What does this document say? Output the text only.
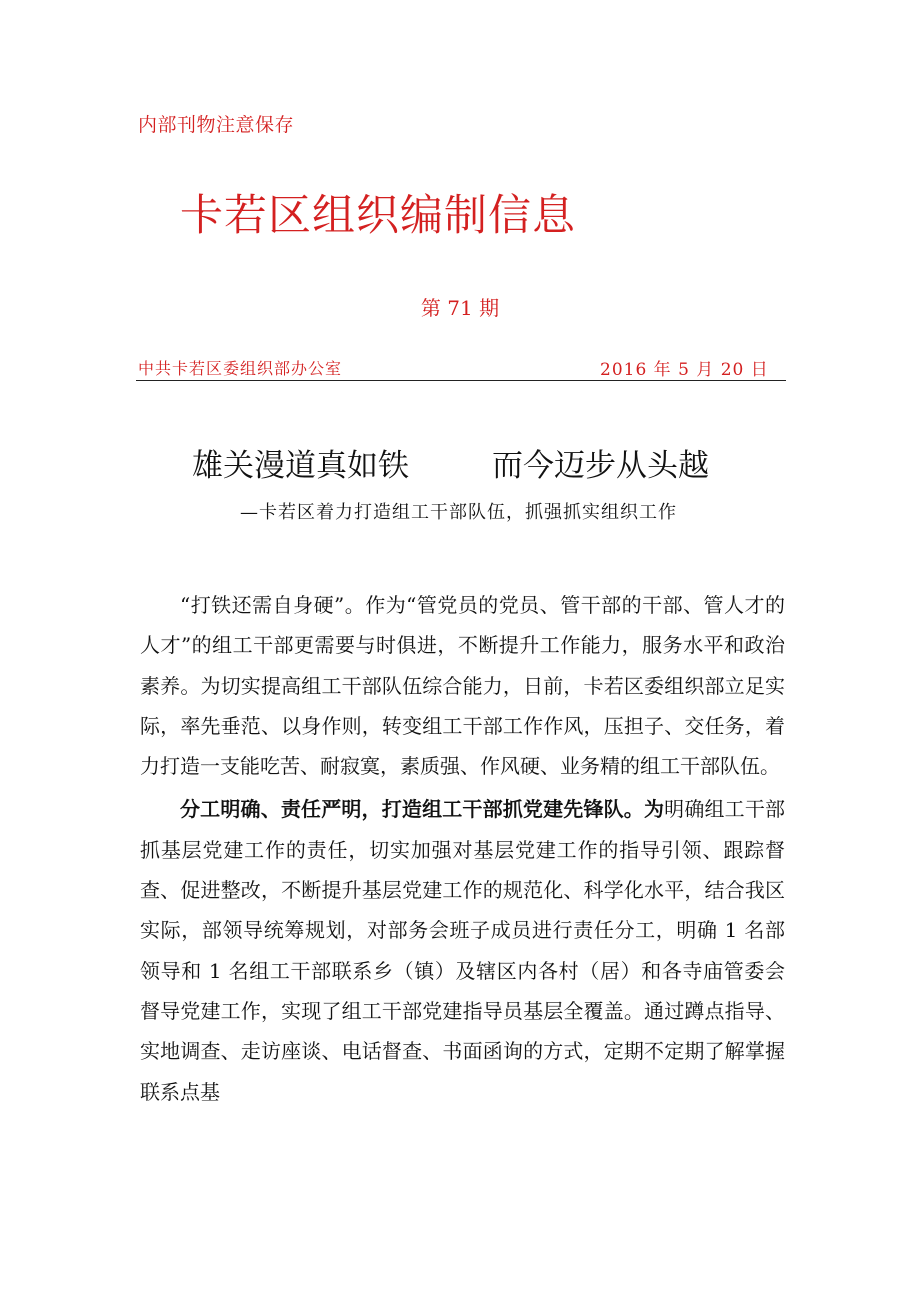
内部刊物注意保存
卡若区组织编制信息
第 71 期
中共卡若区委组织部办公室	2016 年 5 月 20 日
雄关漫道真如铁	而今迈步从头越
—卡若区着力打造组工干部队伍，抓强抓实组织工作

“打铁还需自身硬”。作为“管党员的党员、管干部的干部、管人才的人才”的组工干部更需要与时俱进，不断提升工作能力，服务水平和政治素养。为切实提高组工干部队伍综合能力，日前，卡若区委组织部立足实际，率先垂范、以身作则，转变组工干部工作作风，压担子、交任务，着力打造一支能吃苦、耐寂寞，素质强、作风硬、业务精的组工干部队伍。

分工明确、责任严明，打造组工干部抓党建先锋队。为明确组工干部抓基层党建工作的责任，切实加强对基层党建工作的指导引领、跟踪督查、促进整改，不断提升基层党建工作的规范化、科学化水平，结合我区实际，部领导统筹规划，对部务会班子成员进行责任分工，明确 1 名部领导和 1 名组工干部联系乡（镇）及辖区内各村（居）和各寺庙管委会督导党建工作，实现了组工干部党建指导员基层全覆盖。通过蹲点指导、实地调查、走访座谈、电话督查、书面函询的方式，定期不定期了解掌握联系点基
